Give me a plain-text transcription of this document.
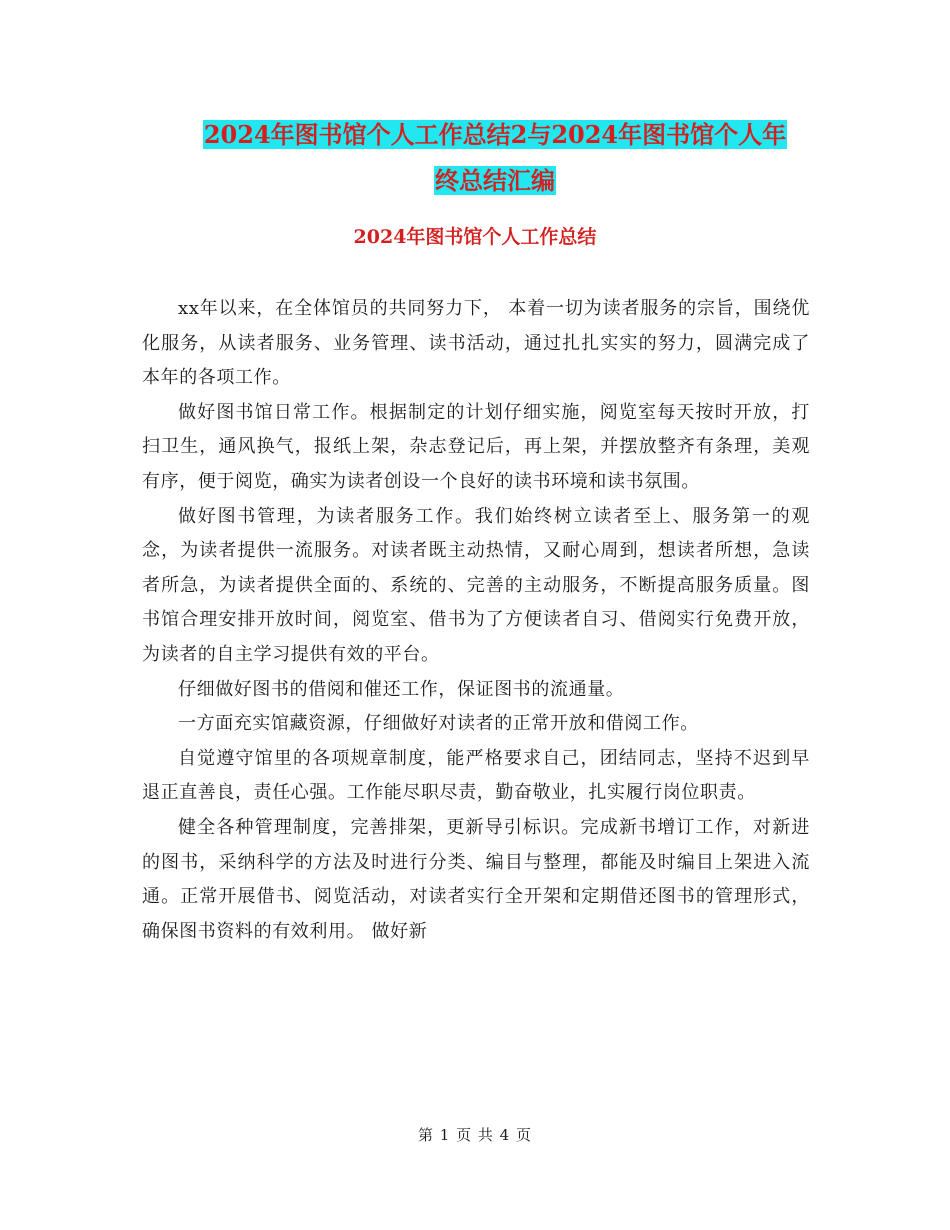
2024年图书馆个人工作总结2与2024年图书馆个人年
终总结汇编
2024年图书馆个人工作总结

xx年以来，在全体馆员的共同努力下， 本着一切为读者服务的宗旨，围绕优化服务，从读者服务、业务管理、读书活动，通过扎扎实实的努力，圆满完成了本年的各项工作。

做好图书馆日常工作。根据制定的计划仔细实施，阅览室每天按时开放，打扫卫生，通风换气，报纸上架，杂志登记后，再上架，并摆放整齐有条理，美观有序，便于阅览，确实为读者创设一个良好的读书环境和读书氛围。

做好图书管理，为读者服务工作。我们始终树立读者至上、服务第一的观念，为读者提供一流服务。对读者既主动热情，又耐心周到，想读者所想，急读者所急，为读者提供全面的、系统的、完善的主动服务，不断提高服务质量。图书馆合理安排开放时间，阅览室、借书为了方便读者自习、借阅实行免费开放，为读者的自主学习提供有效的平台。

仔细做好图书的借阅和催还工作，保证图书的流通量。

一方面充实馆藏资源，仔细做好对读者的正常开放和借阅工作。

自觉遵守馆里的各项规章制度，能严格要求自己，团结同志，坚持不迟到早退正直善良，责任心强。工作能尽职尽责，勤奋敬业，扎实履行岗位职责。

健全各种管理制度，完善排架，更新导引标识。完成新书增订工作，对新进的图书，采纳科学的方法及时进行分类、编目与整理，都能及时编目上架进入流通。正常开展借书、阅览活动，对读者实行全开架和定期借还图书的管理形式，确保图书资料的有效利用。 做好新

第 1 页 共 4 页
